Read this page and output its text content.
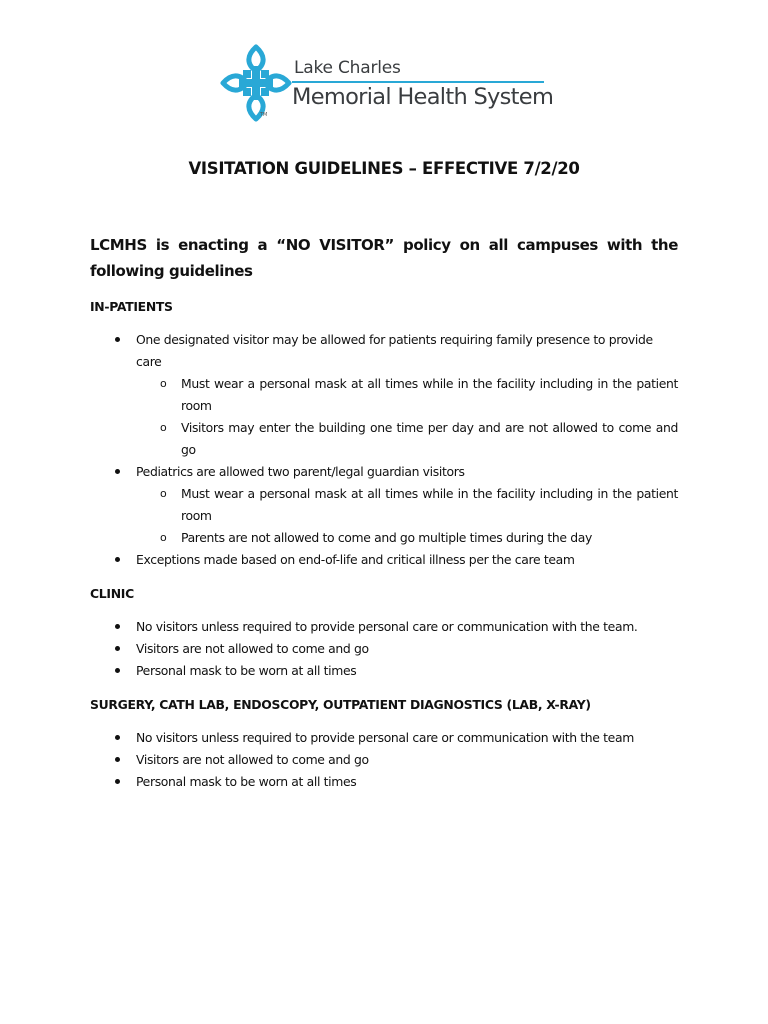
Lake Charles
Memorial Health System
TM
VISITATION GUIDELINES – EFFECTIVE 7/2/20

LCMHS is enacting a “NO VISITOR” policy on all campuses with the following guidelines

IN-PATIENTS
One designated visitor may be allowed for patients requiring family presence to provide care
o Must wear a personal mask at all times while in the facility including in the patient room
o Visitors may enter the building one time per day and are not allowed to come and go
Pediatrics are allowed two parent/legal guardian visitors
o Must wear a personal mask at all times while in the facility including in the patient room
o Parents are not allowed to come and go multiple times during the day
Exceptions made based on end-of-life and critical illness per the care team
CLINIC
No visitors unless required to provide personal care or communication with the team.
Visitors are not allowed to come and go
Personal mask to be worn at all times
SURGERY, CATH LAB, ENDOSCOPY, OUTPATIENT DIAGNOSTICS (LAB, X-RAY)
No visitors unless required to provide personal care or communication with the team
Visitors are not allowed to come and go
Personal mask to be worn at all times
